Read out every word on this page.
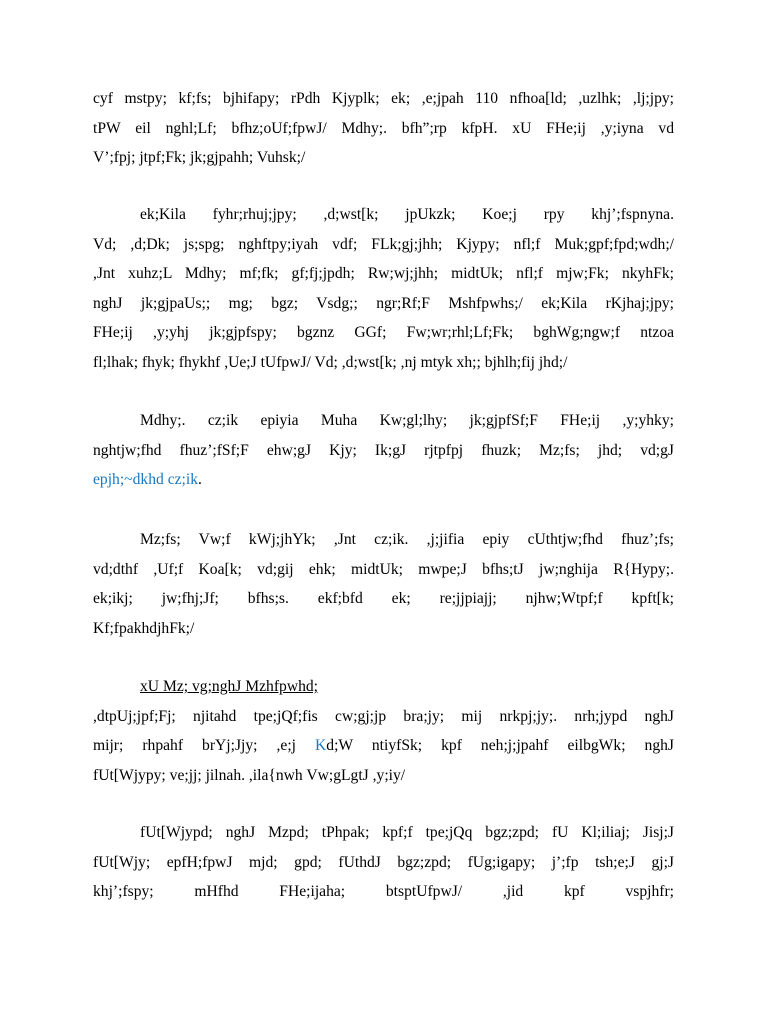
cyf mstpy; kf;fs; bjhifapy; rPdh Kjyplk; ek; ,e;jpah 110 nfhoa[ld; ,uzlhk; ,lj;jpy;
tPW eil nghl;Lf; bfhz;oUf;fpwJ/ Mdhy;. bfh”;rp kfpH. xU FHe;ij ,y;iyna vd
V’;fpj; jtpf;Fk; jk;gjpahh; Vuhsk;/
ek;Kila fyhr;rhuj;jpy; ,d;wst[k; jpUkzk; Koe;j rpy khj’;fspnyna.
Vd; ,d;Dk; js;spg; nghftpy;iyah vdf; FLk;gj;jhh; Kjypy; nfl;f Muk;gpf;fpd;wdh;/
,Jnt xuhz;L Mdhy; mf;fk; gf;fj;jpdh; Rw;wj;jhh; midtUk; nfl;f mjw;Fk; nkyhFk;
nghJ jk;gjpaUs;; mg; bgz; Vsdg;; ngr;Rf;F Mshfpwhs;/ ek;Kila rKjhaj;jpy;
FHe;ij ,y;yhj jk;gjpfspy; bgznz GGf; Fw;wr;rhl;Lf;Fk; bghWg;ngw;f ntzoa
fl;lhak; fhyk; fhykhf ,Ue;J tUfpwJ/ Vd; ,d;wst[k; ,nj mtyk xh;; bjhlh;fij jhd;/
Mdhy;. cz;ik epiyia Muha Kw;gl;lhy; jk;gjpfSf;F FHe;ij ,y;yhky;
nghtjw;fhd fhuz’;fSf;F ehw;gJ Kjy; Ik;gJ rjtpfpj fhuzk; Mz;fs; jhd; vd;gJ
epjh;~dkhd cz;ik.
Mz;fs; Vw;f kWj;jhYk; ,Jnt cz;ik. ,j;jifia epiy cUthtjw;fhd fhuz’;fs;
vd;dthf ,Uf;f Koa[k; vd;gij ehk; midtUk; mwpe;J bfhs;tJ jw;nghija R{Hypy;.
ek;ikj; jw;fhj;Jf; bfhs;s. ekf;bfd ek; re;jjpiajj; njhw;Wtpf;f kpft[k;
Kf;fpakhdjhFk;/
xU Mz; vg;nghJ Mzhfpwhd;
,dtpUj;jpf;Fj; njitahd tpe;jQf;fis cw;gj;jp bra;jy; mij nrkpj;jy;. nrh;jypd nghJ
mijr; rhpahf brYj;Jjy; ,e;j Kd;W ntiyfSk; kpf neh;j;jpahf eilbgWk; nghJ
fUt[Wjypy; ve;jj; jilnah. ,ila{nwh Vw;gLgtJ ,y;iy/
fUt[Wjypd; nghJ Mzpd; tPhpak; kpf;f tpe;jQq bgz;zpd; fU Kl;iliaj; Jisj;J
fUt[Wjy; epfH;fpwJ mjd; gpd; fUthdJ bgz;zpd; fUg;igapy; j’;fp tsh;e;J gj;J
khj’;fspy; mHfhd FHe;ijaha; btsptUfpwJ/ ,jid kpf vspjhfr;
